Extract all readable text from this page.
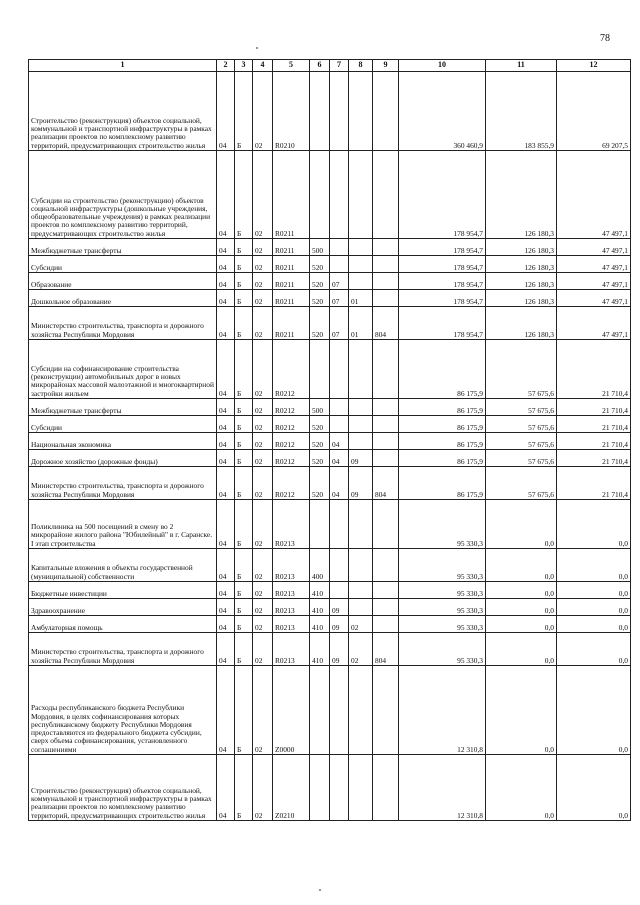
78
1	2	3	4	5	6	7	8	9	10	11	12
Строительство (реконструкция) объектов социальной, коммунальной и транспортной инфраструктуры в рамках реализации проектов по комплексному развитию территорий, предусматривающих строительство жилья	04	Б	02	R0210					360 460,9	183 855,9	69 207,5
Субсидии на строительство (реконструкцию) объектов социальной инфраструктуры (дошкольные учреждения, общеобразовательные учреждения) в рамках реализации проектов по комплексному развитию территорий, предусматривающих строительство жилья	04	Б	02	R0211					178 954,7	126 180,3	47 497,1
Межбюджетные трансферты	04	Б	02	R0211	500				178 954,7	126 180,3	47 497,1
Субсидии	04	Б	02	R0211	520				178 954,7	126 180,3	47 497,1
Образование	04	Б	02	R0211	520	07			178 954,7	126 180,3	47 497,1
Дошкольное образование	04	Б	02	R0211	520	07	01		178 954,7	126 180,3	47 497,1
Министерство строительства, транспорта и дорожного хозяйства Республики Мордовия	04	Б	02	R0211	520	07	01	804	178 954,7	126 180,3	47 497,1
Субсидии на софинансирование строительства (реконструкции) автомобильных дорог в новых микрорайонах массовой малоэтажной и многоквартирной застройки жильем	04	Б	02	R0212					86 175,9	57 675,6	21 710,4
Межбюджетные трансферты	04	Б	02	R0212	500				86 175,9	57 675,6	21 710,4
Субсидии	04	Б	02	R0212	520				86 175,9	57 675,6	21 710,4
Национальная экономика	04	Б	02	R0212	520	04			86 175,9	57 675,6	21 710,4
Дорожное хозяйство (дорожные фонды)	04	Б	02	R0212	520	04	09		86 175,9	57 675,6	21 710,4
Министерство строительства, транспорта и дорожного хозяйства Республики Мордовия	04	Б	02	R0212	520	04	09	804	86 175,9	57 675,6	21 710,4
Поликлиника на 500 посещений в смену во 2 микрорайоне жилого района "Юбилейный" в г. Саранске. I этап строительства	04	Б	02	R0213					95 330,3	0,0	0,0
Капитальные вложения в объекты государственной (муниципальной) собственности	04	Б	02	R0213	400				95 330,3	0,0	0,0
Бюджетные инвестиции	04	Б	02	R0213	410				95 330,3	0,0	0,0
Здравоохранение	04	Б	02	R0213	410	09			95 330,3	0,0	0,0
Амбулаторная помощь	04	Б	02	R0213	410	09	02		95 330,3	0,0	0,0
Министерство строительства, транспорта и дорожного хозяйства Республики Мордовия	04	Б	02	R0213	410	09	02	804	95 330,3	0,0	0,0
Расходы республиканского бюджета Республики Мордовия, в целях софинансирования которых республиканскому бюджету Республики Мордовия предоставляются из федерального бюджета субсидии, сверх объема софинансирования, установленного соглашениями	04	Б	02	Z0000					12 310,8	0,0	0,0
Строительство (реконструкция) объектов социальной, коммунальной и транспортной инфраструктуры в рамках реализации проектов по комплексному развитию территорий, предусматривающих строительство жилья	04	Б	02	Z0210					12 310,8	0,0	0,0
